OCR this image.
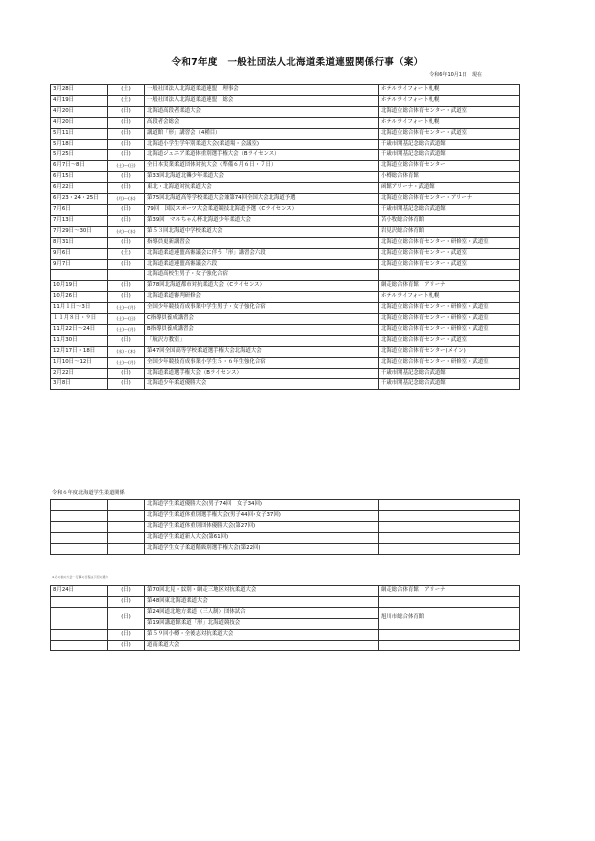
令和7年度　一般社団法人北海道柔道連盟関係行事（案）
令和6年10月1日　現在
3月28日	(土)	一般社団法人北海道柔道連盟　理事会	ホテルライフォート札幌
4月19日	(土)	一般社団法人北海道柔道連盟　総会	ホテルライフォート札幌
4月20日	(日)	北海道高段者柔道大会	北海道立総合体育センター・武道室
4月20日	(日)	高段者会総会	ホテルライフォート札幌
5月11日	(日)	講道館「形」講習会（4種目）	北海道立総合体育センター・武道室
5月18日	(日)	北海道小学生学年別柔道大会(柔道場・会議室)	千歳市開基記念総合武道館
5月25日	(日)	北海道ジュニア柔道体重別選手権大会（Bライセンス）	千歳市開基記念総合武道館
6月7日～8日	(土)～(日)	全日本実業柔道団体対抗大会（準備６月６日・７日）	北海道立総合体育センター
6月15日	(日)	第33回北海道北聾少年柔道大会	小樽総合体育館
6月22日	(日)	東北・北海道対抗柔道大会	函館アリーナ・武道館
6月23・24・25日	(月)～(水)	第75回北海道高等学校柔道大会兼第74回全国大会北海道予選	北海道立総合体育センター・アリーナ
7月6日	(日)	79回　国民スポーツ大会柔道競技北海道予選（Cライセンス）	千歳市開基記念総合武道館
7月13日	(日)	第39回　マルちゃん杯北海道少年柔道大会	苫小牧総合体育館
7月29日～30日	(火)～(水)	第５３回北海道中学校柔道大会	岩見沢総合体育館
8月31日	(日)	指導員更新講習会	北海道立総合体育センター・研修室・武道室
9月6日	(土)	北海道柔道連盟高審議会に伴う「形」講習会六段	北海道立総合体育センター・武道室
9月7日	(日)	北海道柔道連盟高審議会六段	北海道立総合体育センター・武道室
		北海道高校生男子・女子強化合宿	
10月19日	(日)	第78回北海道都市対抗柔道大会（Cライセンス）	網走総合体育館　アリーナ
10月26日	(日)	北海道柔道審判研修会	ホテルライフォート札幌
11月１日～3日	(土)～(月)	全国少年競技育成事業中学生男子・女子強化合宿	北海道立総合体育センター・研修室・武道室
１１月８日・９日	(土)～(日)	C指導員養成講習会	北海道立総合体育センター・研修室・武道室
11月22日～24日	(土)～(月)	B指導員養成講習会	北海道立総合体育センター・研修室・武道室
11月30日	(日)	「航沢方教室」	北海道立総合体育センター・武道室
12月17日・18日	(水)・(木)	第47回全国高等学校柔道選手権大会北海道大会	北海道立総合体育センター(メイン)
1月10日～12日	(土)～(月)	全国少年競技育成事業小学生５・６年生強化合宿	北海道立総合体育センター・研修室・武道室
2月22日	(日)	北海道柔道選手権大会（Bライセンス）	千歳市開基記念総合武道館
3月8日	(日)	北海道少年柔道優勝大会	千歳市開基記念総合武道館
令和６年度北海道学生柔道関係
		北海道学生柔道優勝大会(男子74回　女子34回)	
		北海道学生柔道体重別選手権大会(男子44回･女子37回)	
		北海道学生柔道体重別団体優勝大会(第27回)	
		北海道学生柔道新人大会(第61回)	
		北海道学生女子柔道階級別選手権大会(第22回)	
※その他の大会・行事の日程は下記の通り
8月24日	(日)	第70回北見・紋別・網走三地区対抗柔道大会	網走総合体育館　アリーナ
	(日)	第48回東北海道柔道大会	
	(日)	第24回道北地方柔道（三人制）団体試合	旭川市総合体育館
		第19回講道館柔道「形」北海道競技会	
	(日)	第５９回小樽・全後志対抗柔道大会	
	(日)	道南柔道大会	
